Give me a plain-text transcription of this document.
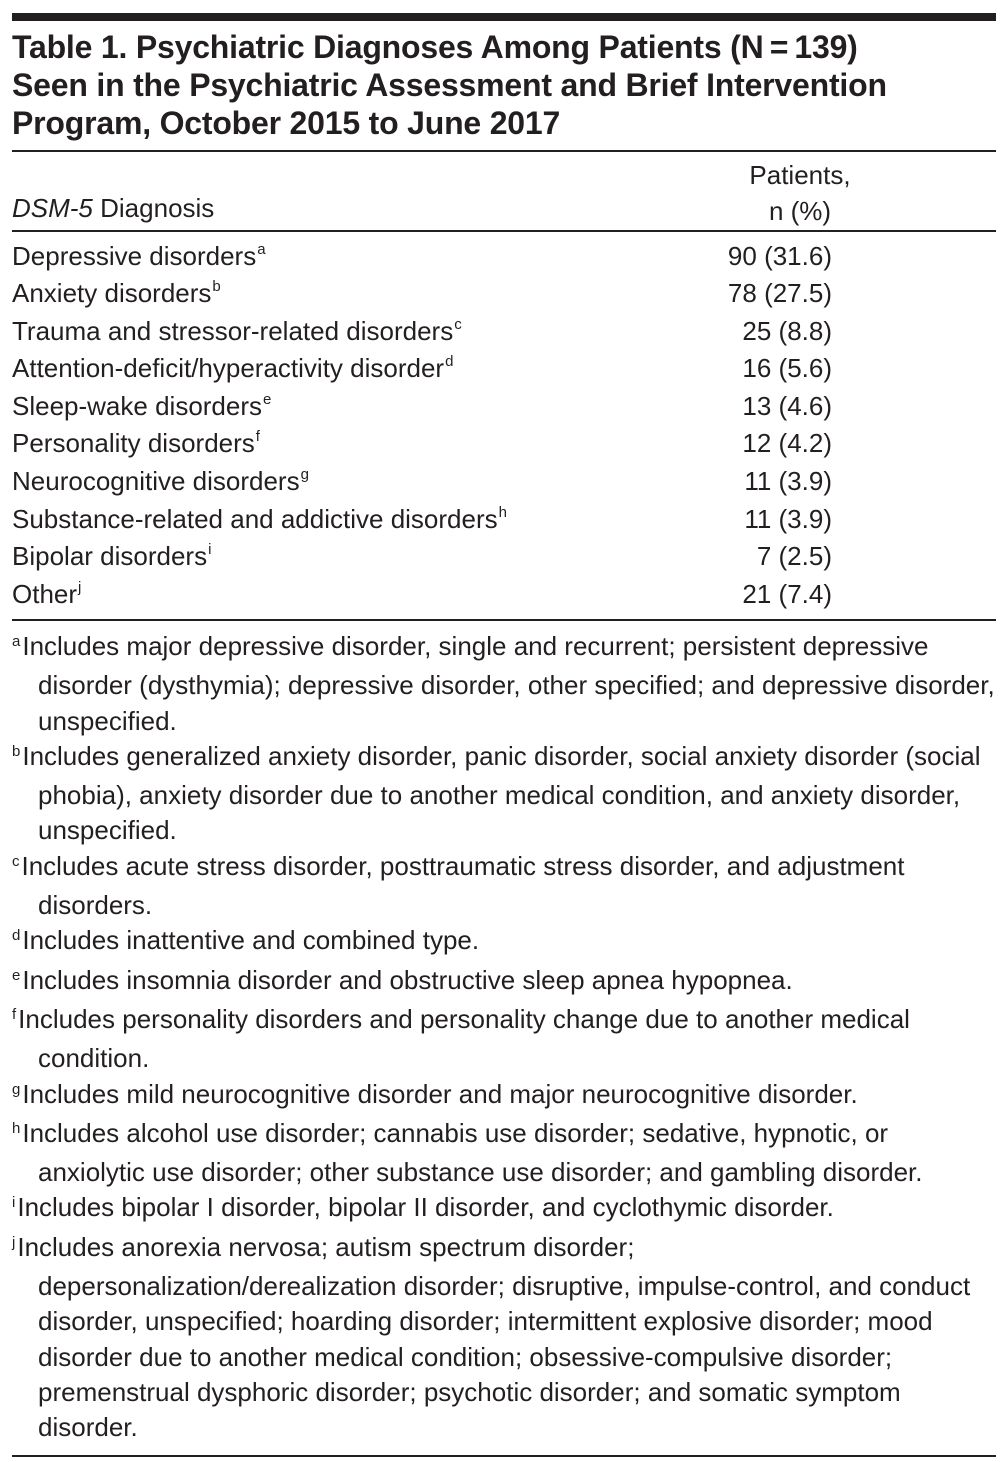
Table 1. Psychiatric Diagnoses Among Patients (N = 139)
Seen in the Psychiatric Assessment and Brief Intervention
Program, October 2015 to June 2017
DSM-5 Diagnosis
Patients,
n (%)
Depressive disorders$^a$	90 (31.6)
Anxiety disorders$^b$	78 (27.5)
Trauma and stressor-related disorders$^c$	25 (8.8)
Attention-deficit/hyperactivity disorder$^d$	16 (5.6)
Sleep-wake disorders$^e$	13 (4.6)
Personality disorders$^f$	12 (4.2)
Neurocognitive disorders$^g$	11 (3.9)
Substance-related and addictive disorders$^h$	11 (3.9)
Bipolar disorders$^i$	7 (2.5)
Other$^j$	21 (7.4)
$^a$Includes major depressive disorder, single and recurrent; persistent depressive disorder (dysthymia); depressive disorder, other specified; and depressive disorder, unspecified.
$^b$Includes generalized anxiety disorder, panic disorder, social anxiety disorder (social phobia), anxiety disorder due to another medical condition, and anxiety disorder, unspecified.
$^c$Includes acute stress disorder, posttraumatic stress disorder, and adjustment disorders.
$^d$Includes inattentive and combined type.
$^e$Includes insomnia disorder and obstructive sleep apnea hypopnea.
$^f$Includes personality disorders and personality change due to another medical condition.
$^g$Includes mild neurocognitive disorder and major neurocognitive disorder.
$^h$Includes alcohol use disorder; cannabis use disorder; sedative, hypnotic, or anxiolytic use disorder; other substance use disorder; and gambling disorder.
$^i$Includes bipolar I disorder, bipolar II disorder, and cyclothymic disorder.
$^j$Includes anorexia nervosa; autism spectrum disorder; depersonalization/derealization disorder; disruptive, impulse-control, and conduct disorder, unspecified; hoarding disorder; intermittent explosive disorder; mood disorder due to another medical condition; obsessive-compulsive disorder; premenstrual dysphoric disorder; psychotic disorder; and somatic symptom disorder.
